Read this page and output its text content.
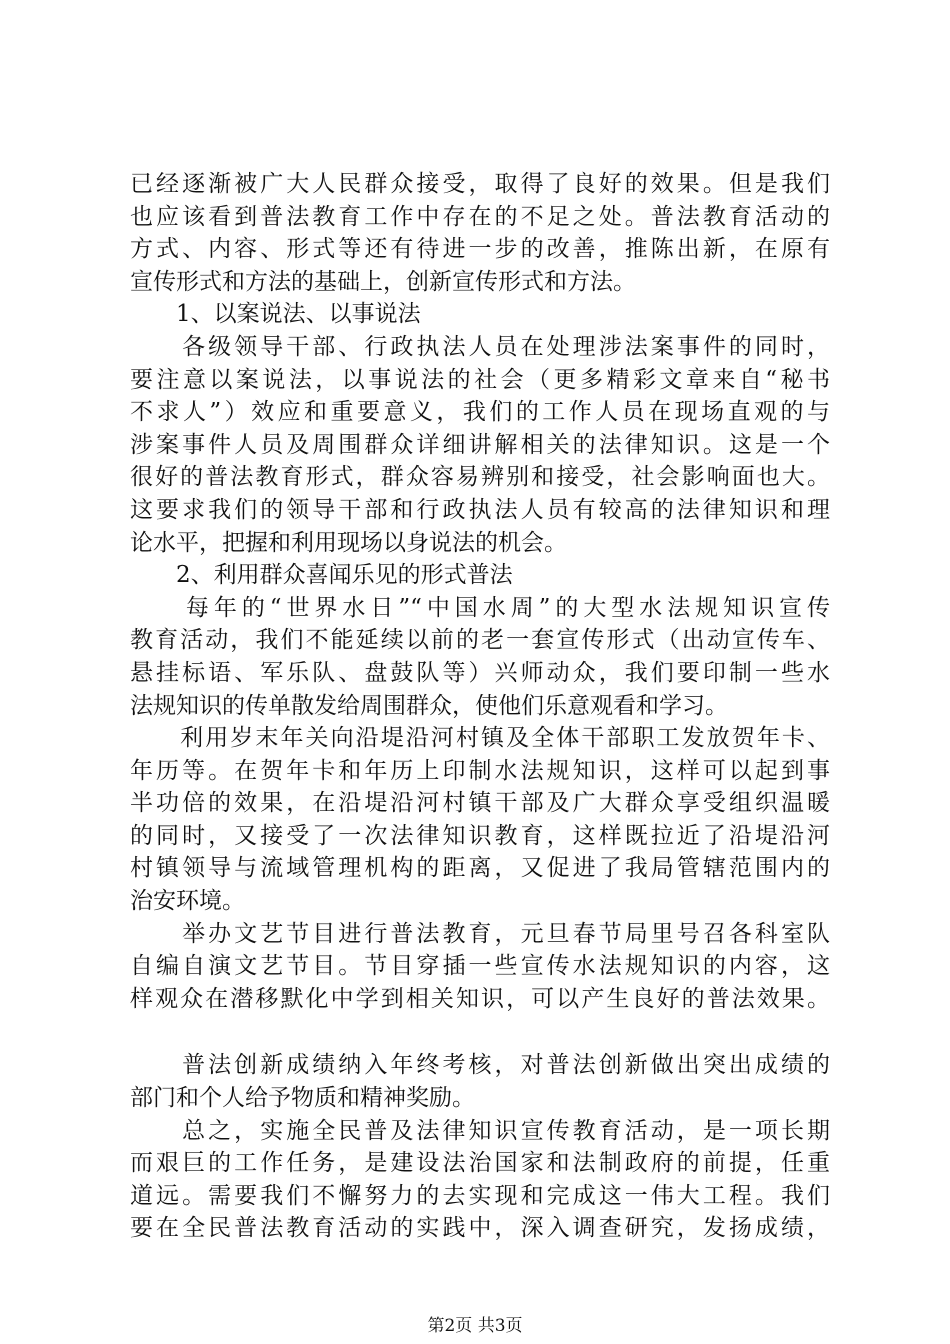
已经逐渐被广大人民群众接受，取得了良好的效果。但是我们
也应该看到普法教育工作中存在的不足之处。普法教育活动的
方式、内容、形式等还有待进一步的改善，推陈出新，在原有
宣传形式和方法的基础上，创新宣传形式和方法。
　　1、以案说法、以事说法
　　各级领导干部、行政执法人员在处理涉法案事件的同时，
要注意以案说法，以事说法的社会（更多精彩文章来自“秘书
不求人”）效应和重要意义，我们的工作人员在现场直观的与
涉案事件人员及周围群众详细讲解相关的法律知识。这是一个
很好的普法教育形式，群众容易辨别和接受，社会影响面也大。
这要求我们的领导干部和行政执法人员有较高的法律知识和理
论水平，把握和利用现场以身说法的机会。
　　2、利用群众喜闻乐见的形式普法
　　每年的“世界水日”“中国水周”的大型水法规知识宣传
教育活动，我们不能延续以前的老一套宣传形式（出动宣传车、
悬挂标语、军乐队、盘鼓队等）兴师动众，我们要印制一些水
法规知识的传单散发给周围群众，使他们乐意观看和学习。
　　利用岁末年关向沿堤沿河村镇及全体干部职工发放贺年卡、
年历等。在贺年卡和年历上印制水法规知识，这样可以起到事
半功倍的效果，在沿堤沿河村镇干部及广大群众享受组织温暖
的同时，又接受了一次法律知识教育，这样既拉近了沿堤沿河
村镇领导与流域管理机构的距离，又促进了我局管辖范围内的
治安环境。
　　举办文艺节目进行普法教育，元旦春节局里号召各科室队
自编自演文艺节目。节目穿插一些宣传水法规知识的内容，这
样观众在潜移默化中学到相关知识，可以产生良好的普法效果。
　　普法创新成绩纳入年终考核，对普法创新做出突出成绩的
部门和个人给予物质和精神奖励。
　　总之，实施全民普及法律知识宣传教育活动，是一项长期
而艰巨的工作任务，是建设法治国家和法制政府的前提，任重
道远。需要我们不懈努力的去实现和完成这一伟大工程。我们
要在全民普法教育活动的实践中，深入调查研究，发扬成绩，
第2页 共3页
